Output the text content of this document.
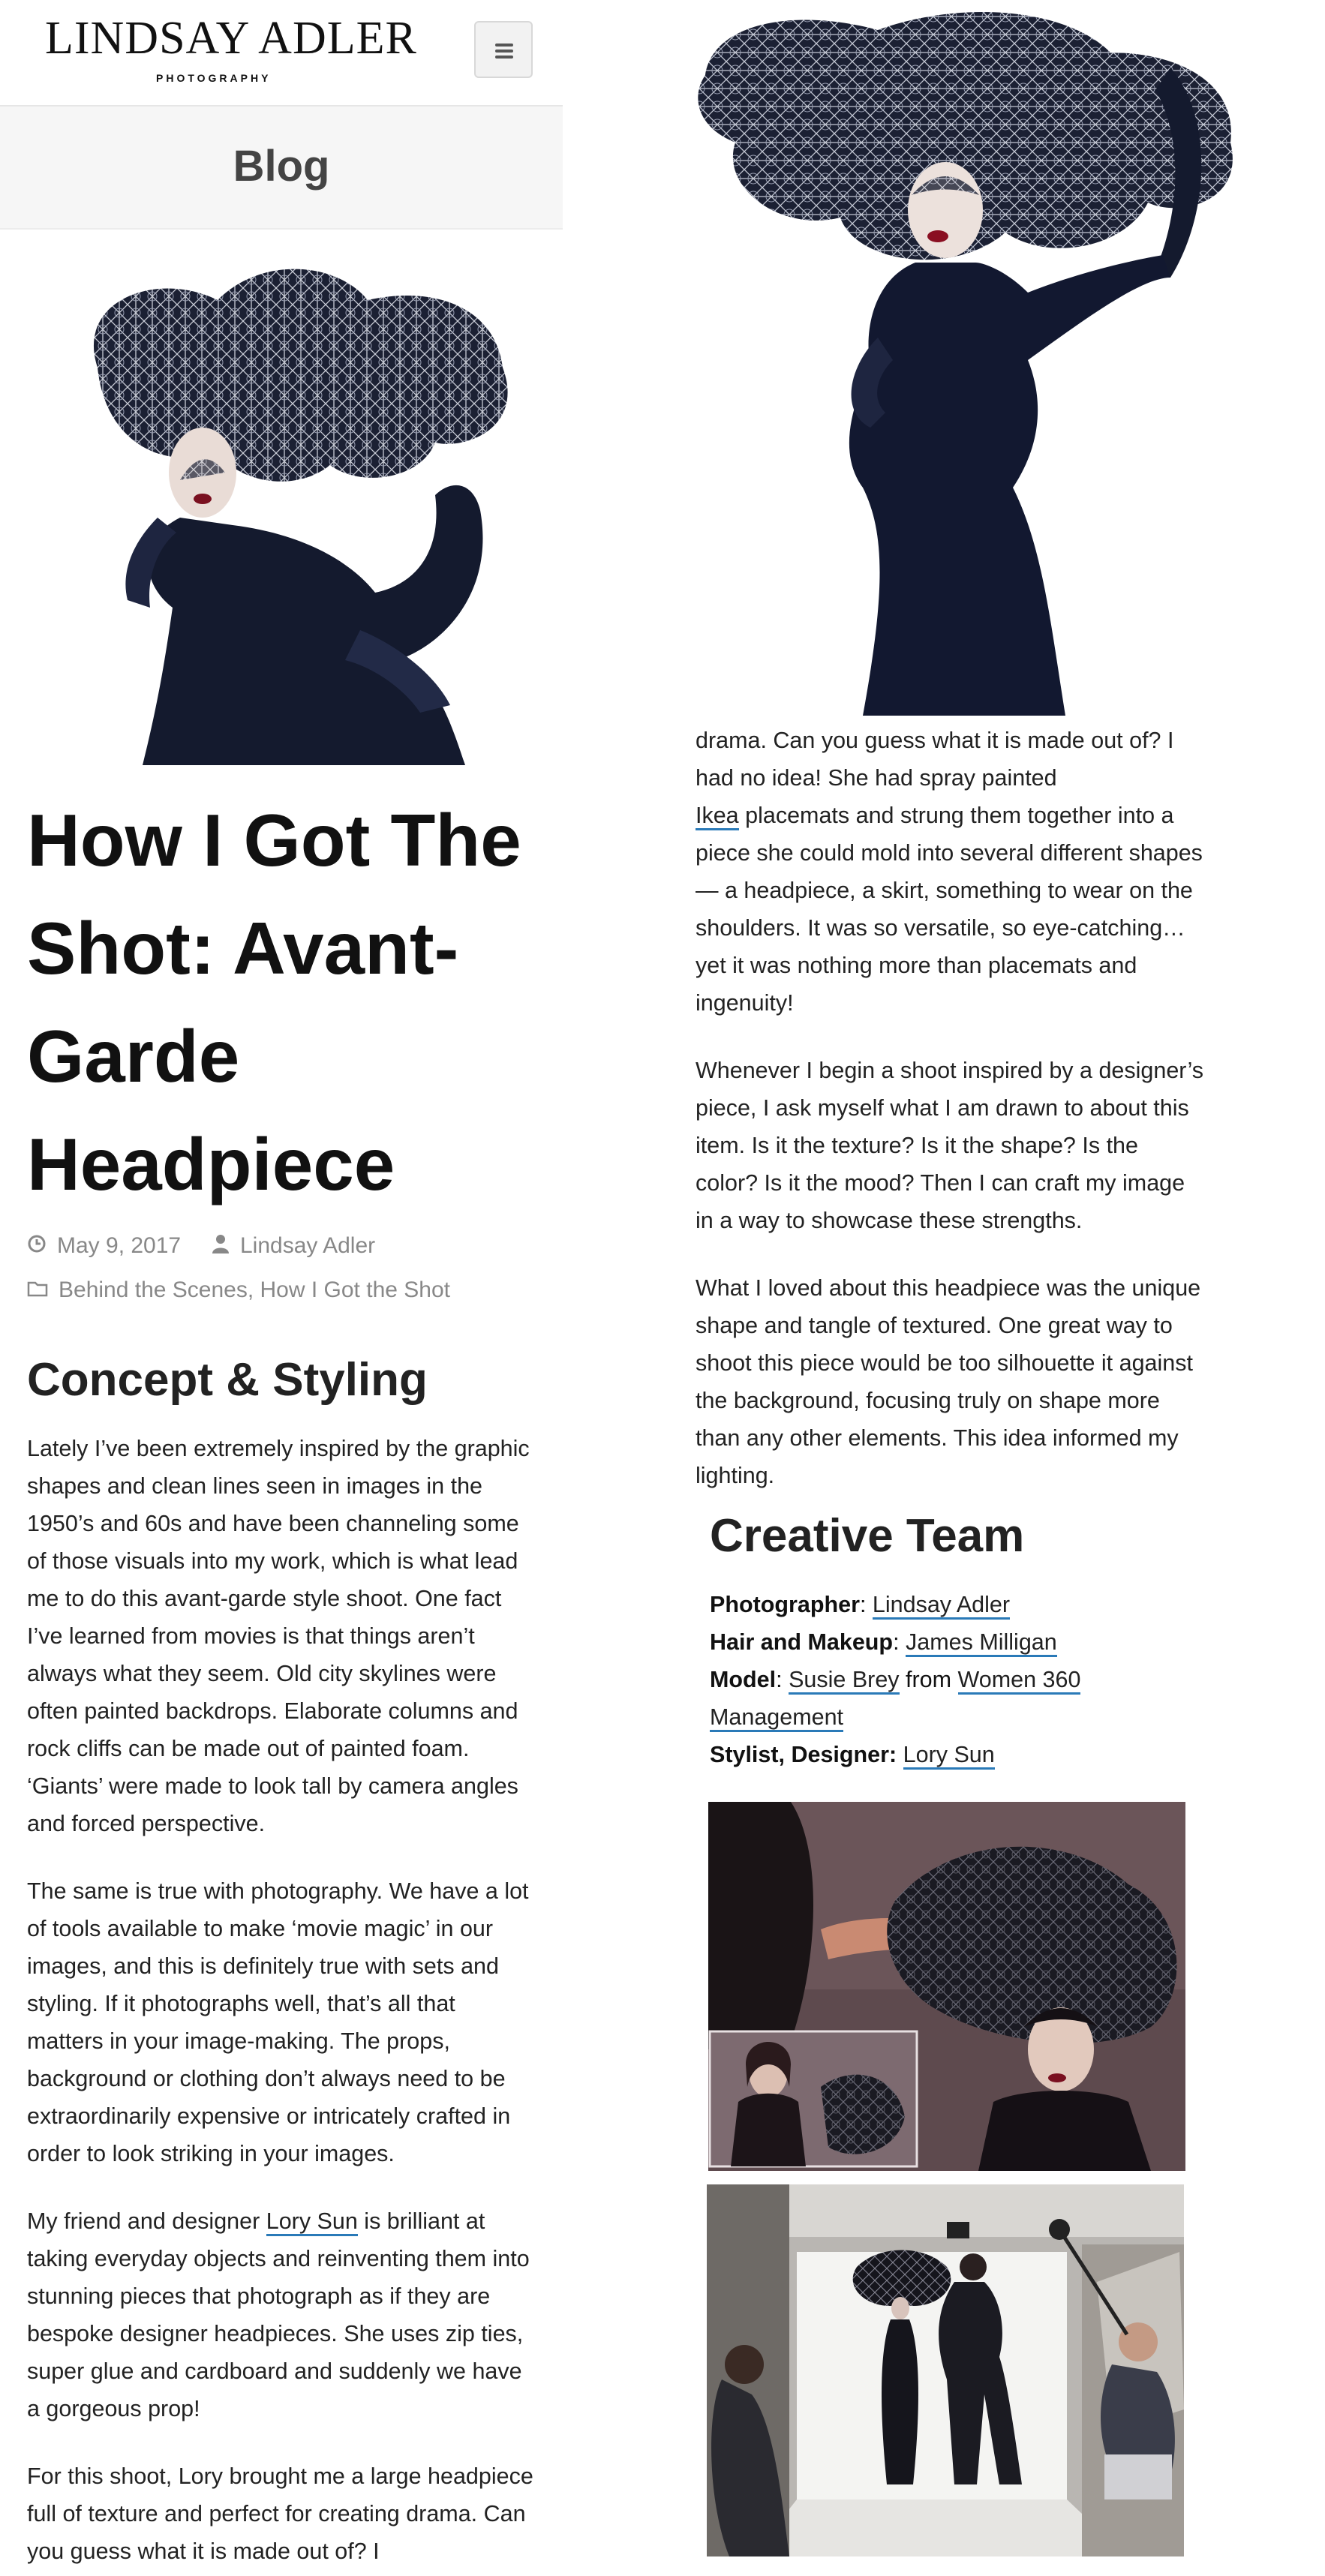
LINDSAY ADLER
PHOTOGRAPHY
Blog
How I Got The Shot: Avant-Garde Headpiece
May 9, 2017	Lindsay Adler
Behind the Scenes, How I Got the Shot
Concept & Styling
Lately I’ve been extremely inspired by the graphic shapes and clean lines seen in images in the 1950’s and 60s and have been channeling some of those visuals into my work, which is what lead me to do this avant-garde style shoot. One fact I’ve learned from movies is that things aren’t always what they seem. Old city skylines were often painted backdrops. Elaborate columns and rock cliffs can be made out of painted foam. ‘Giants’ were made to look tall by camera angles and forced perspective.
The same is true with photography. We have a lot of tools available to make ‘movie magic’ in our images, and this is definitely true with sets and styling. If it photographs well, that’s all that matters in your image-making. The props, background or clothing don’t always need to be extraordinarily expensive or intricately crafted in order to look striking in your images.
My friend and designer Lory Sun is brilliant at taking everyday objects and reinventing them into stunning pieces that photograph as if they are bespoke designer headpieces. She uses zip ties, super glue and cardboard and suddenly we have a gorgeous prop!
For this shoot, Lory brought me a large headpiece full of texture and perfect for creating drama. Can you guess what it is made out of? I
drama. Can you guess what it is made out of? I had no idea! She had spray painted
Ikea placemats and strung them together into a piece she could mold into several different shapes— a headpiece, a skirt, something to wear on the shoulders. It was so versatile, so eye-catching… yet it was nothing more than placemats and ingenuity!
Whenever I begin a shoot inspired by a designer’s piece, I ask myself what I am drawn to about this item. Is it the texture? Is it the shape? Is the color? Is it the mood? Then I can craft my image in a way to showcase these strengths.
What I loved about this headpiece was the unique shape and tangle of textured. One great way to shoot this piece would be too silhouette it against the background, focusing truly on shape more than any other elements. This idea informed my lighting.
Creative Team
Photographer: Lindsay Adler
Hair and Makeup: James Milligan
Model: Susie Brey from Women 360
Management
Stylist, Designer: Lory Sun
